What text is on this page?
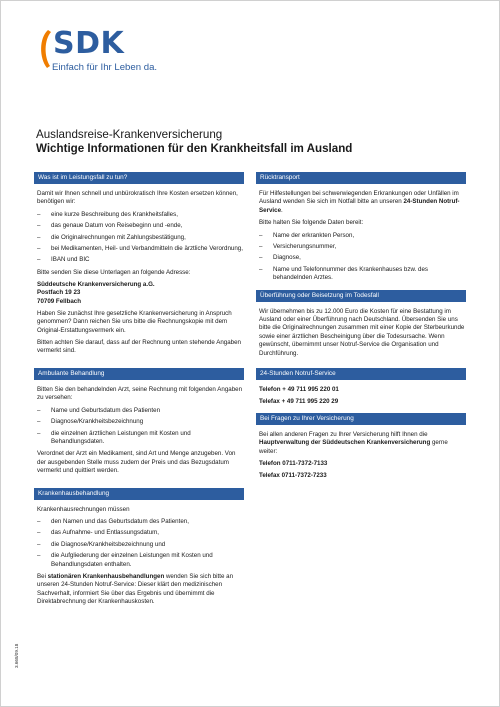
SDK
Einfach für Ihr Leben da.
Auslandsreise-Krankenversicherung
Wichtige Informationen für den Krankheitsfall im Ausland
Was ist im Leistungsfall zu tun?
Damit wir Ihnen schnell und unbürokratisch Ihre Kosten ersetzen können, benötigen wir:
– eine kurze Beschreibung des Krankheitsfalles,
– das genaue Datum von Reisebeginn und -ende,
– die Originalrechnungen mit Zahlungsbestätigung,
– bei Medikamenten, Heil- und Verbandmitteln die ärztliche Verordnung,
– IBAN und BIC
Bitte senden Sie diese Unterlagen an folgende Adresse:
Süddeutsche Krankenversicherung a.G.
Postfach 19 23
70709 Fellbach
Haben Sie zunächst Ihre gesetzliche Krankenversicherung in Anspruch genommen? Dann reichen Sie uns bitte die Rechnungskopie mit dem Original-Erstattungsvermerk ein.
Bitten achten Sie darauf, dass auf der Rechnung unten stehende Angaben vermerkt sind.
Ambulante Behandlung
Bitten Sie den behandelnden Arzt, seine Rechnung mit folgenden Angaben zu versehen:
– Name und Geburtsdatum des Patienten
– Diagnose/Krankheitsbezeichnung
– die einzelnen ärztlichen Leistungen mit Kosten und Behandlungsdaten.
Verordnet der Arzt ein Medikament, sind Art und Menge anzugeben. Von der ausgebenden Stelle muss zudem der Preis und das Bezugsdatum vermerkt und quittiert werden.
Krankenhausbehandlung
Krankenhausrechnungen müssen
– den Namen und das Geburtsdatum des Patienten,
– das Aufnahme- und Entlassungsdatum,
– die Diagnose/Krankheitsbezeichnung und
– die Aufgliederung der einzelnen Leistungen mit Kosten und Behandlungsdaten enthalten.
Bei stationären Krankenhausbehandlungen wenden Sie sich bitte an unseren 24-Stunden Notruf-Service: Dieser klärt den medizinischen Sachverhalt, informiert Sie über das Ergebnis und übernimmt die Direktabrechnung der Krankenhauskosten.
Rücktransport
Für Hilfestellungen bei schwerwiegenden Erkrankungen oder Unfällen im Ausland wenden Sie sich im Notfall bitte an unseren 24-Stunden Notruf-Service.
Bitte halten Sie folgende Daten bereit:
– Name der erkrankten Person,
– Versicherungsnummer,
– Diagnose,
– Name und Telefonnummer des Krankenhauses bzw. des behandelnden Arztes.
Überführung oder Beisetzung im Todesfall
Wir übernehmen bis zu 12.000 Euro die Kosten für eine Bestattung im Ausland oder einer Überführung nach Deutschland. Übersenden Sie uns bitte die Originalrechnungen zusammen mit einer Kopie der Sterbeurkunde sowie einer ärztlichen Bescheinigung über die Todesursache. Wenn gewünscht, übernimmt unser Notruf-Service die Organisation und Durchführung.
24-Stunden Notruf-Service
Telefon + 49 711 995 220 01
Telefax + 49 711 995 220 29
Bei Fragen zu Ihrer Versicherung
Bei allen anderen Fragen zu Ihrer Versicherung hilft Ihnen die Hauptverwaltung der Süddeutschen Krankenversicherung gerne weiter:
Telefon 0711-7372-7133
Telefax 0711-7372-7233
3.668/09.18
